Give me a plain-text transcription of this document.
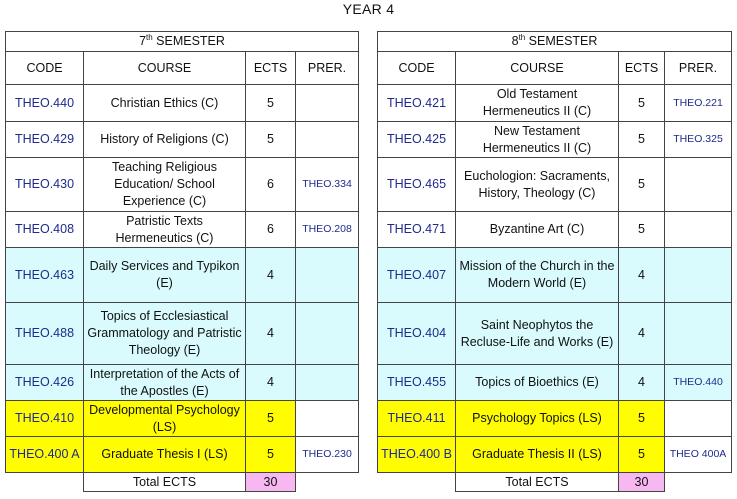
YEAR 4
7th SEMESTER			
CODE	COURSE	ECTS	PRER.
THEO.440	Christian Ethics (C)	5	
THEO.429	History of Religions (C)	5	
THEO.430	Teaching Religious Education/ School Experience (C)	6	THEO.334
THEO.408	Patristic Texts Hermeneutics (C)	6	THEO.208
THEO.463	Daily Services and Typikon (E)	4	
THEO.488	Topics of Ecclesiastical Grammatology and Patristic Theology (E)	4	
THEO.426	Interpretation of the Acts of the Apostles (E)	4	
THEO.410	Developmental Psychology (LS)	5	
THEO.400 A	Graduate Thesis I (LS)	5	THEO.230
	Total ECTS	30	
8th SEMESTER			
CODE	COURSE	ECTS	PRER.
THEO.421	Old Testament Hermeneutics II (C)	5	THEO.221
THEO.425	New Testament Hermeneutics II (C)	5	THEO.325
THEO.465	Euchologion: Sacraments, History, Theology (C)	5	
THEO.471	Byzantine Art (C)	5	
THEO.407	Mission of the Church in the Modern World (E)	4	
THEO.404	Saint Neophytos the Recluse-Life and Works (E)	4	
THEO.455	Topics of Bioethics (E)	4	THEO.440
THEO.411	Psychology Topics (LS)	5	
THEO.400 B	Graduate Thesis II (LS)	5	THEO 400A
	Total ECTS	30	
